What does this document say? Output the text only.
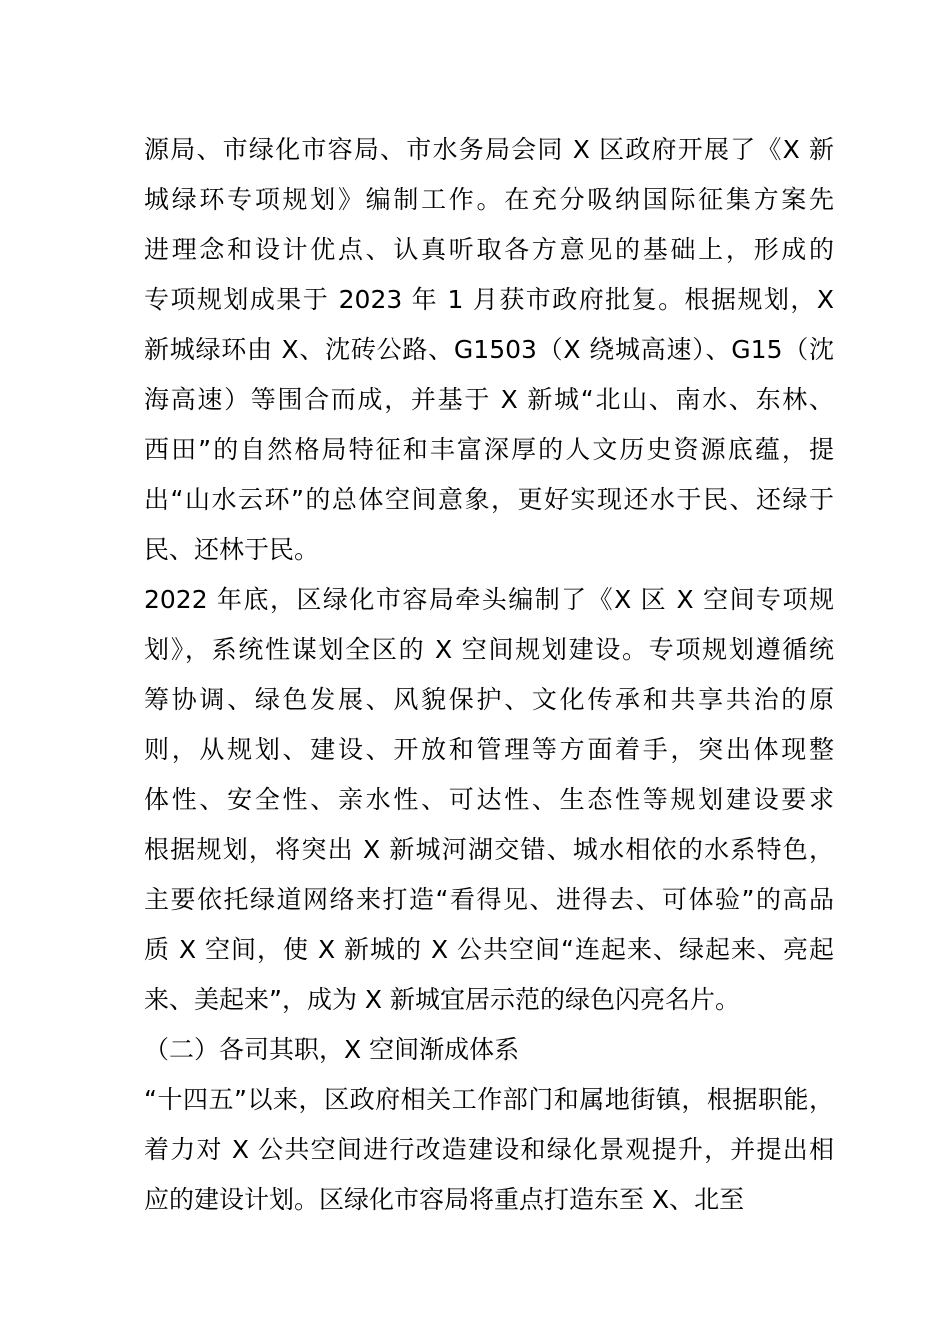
源局、市绿化市容局、市水务局会同 X 区政府开展了《X 新
城绿环专项规划》编制工作。在充分吸纳国际征集方案先
进理念和设计优点、认真听取各方意见的基础上，形成的
专项规划成果于 2023 年 1 月获市政府批复。根据规划，X
新城绿环由 X、沈砖公路、G1503（X 绕城高速）、G15（沈
海高速）等围合而成，并基于 X 新城“北山、南水、东林、
西田”的自然格局特征和丰富深厚的人文历史资源底蕴，提
出“山水云环”的总体空间意象，更好实现还水于民、还绿于
民、还林于民。
2022 年底，区绿化市容局牵头编制了《X 区 X 空间专项规
划》，系统性谋划全区的 X 空间规划建设。专项规划遵循统
筹协调、绿色发展、风貌保护、文化传承和共享共治的原
则，从规划、建设、开放和管理等方面着手，突出体现整
体性、安全性、亲水性、可达性、生态性等规划建设要求
根据规划，将突出 X 新城河湖交错、城水相依的水系特色，
主要依托绿道网络来打造“看得见、进得去、可体验”的高品
质 X 空间，使 X 新城的 X 公共空间“连起来、绿起来、亮起
来、美起来”，成为 X 新城宜居示范的绿色闪亮名片。
（二）各司其职，X 空间渐成体系
“十四五”以来，区政府相关工作部门和属地街镇，根据职能，
着力对 X 公共空间进行改造建设和绿化景观提升，并提出相
应的建设计划。区绿化市容局将重点打造东至 X、北至
